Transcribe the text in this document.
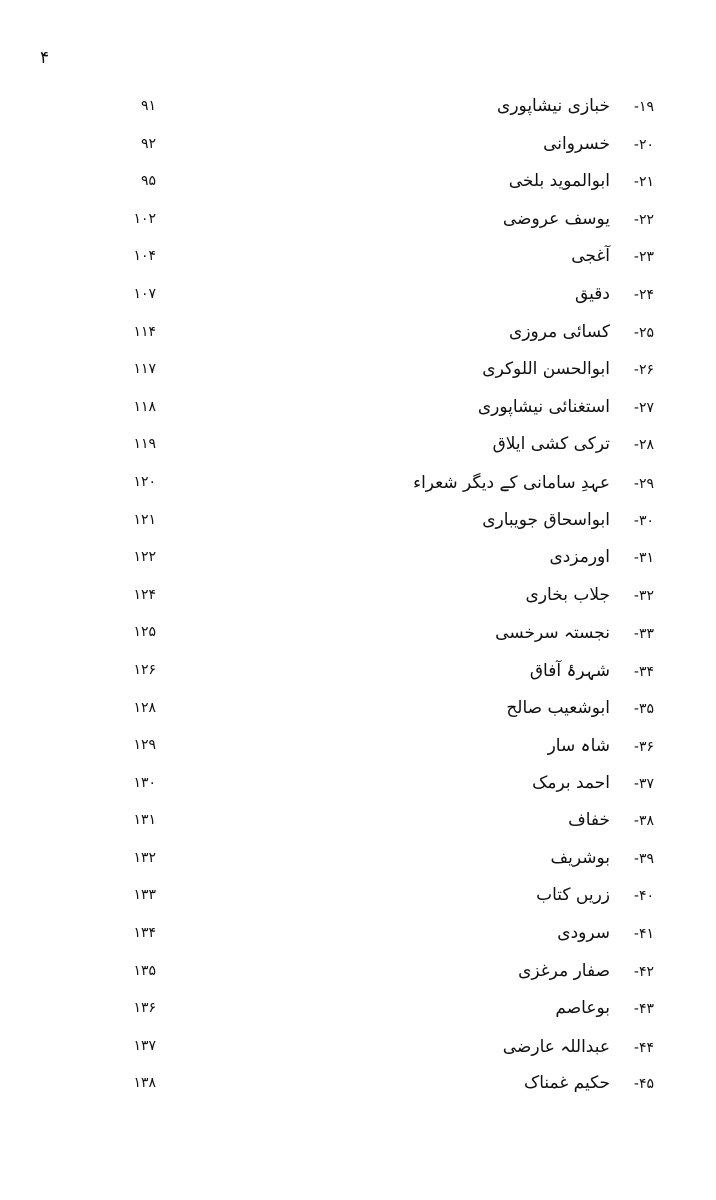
۴
۱۹-
خبازی نیشاپوری
۹۱
۲۰-
خسروانی
۹۲
۲۱-
ابوالموید بلخی
۹۵
۲۲-
یوسف عروضی
۱۰۲
۲۳-
آغجی
۱۰۴
۲۴-
دقیق
۱۰۷
۲۵-
کسائی مروزی
۱۱۴
۲۶-
ابوالحسن اللوکری
۱۱۷
۲۷-
استغنائی نیشاپوری
۱۱۸
۲۸-
ترکی کشی ایلاق
۱۱۹
۲۹-
عہدِ سامانی کے دیگر شعراء
۱۲۰
۳۰-
ابواسحاق جویباری
۱۲۱
۳۱-
اورمزدی
۱۲۲
۳۲-
جلاب بخاری
۱۲۴
۳۳-
نجستہ سرخسی
۱۲۵
۳۴-
شہرۂ آفاق
۱۲۶
۳۵-
ابوشعیب صالح
۱۲۸
۳۶-
شاہ سار
۱۲۹
۳۷-
احمد برمک
۱۳۰
۳۸-
خفاف
۱۳۱
۳۹-
بوشریف
۱۳۲
۴۰-
زریں کتاب
۱۳۳
۴۱-
سرودی
۱۳۴
۴۲-
صفار مرغزی
۱۳۵
۴۳-
بوعاصم
۱۳۶
۴۴-
عبداللہ عارضی
۱۳۷
۴۵-
حکیم غمناک
۱۳۸
